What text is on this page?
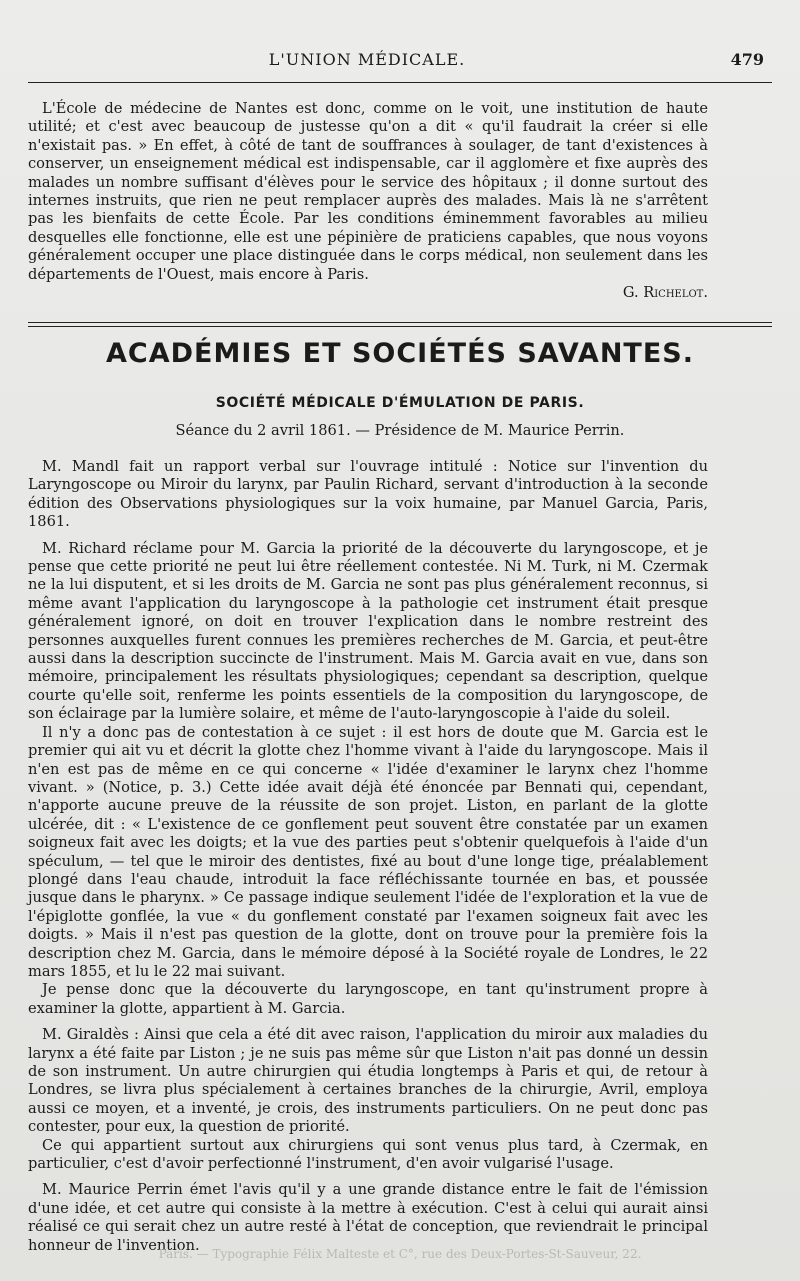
L'UNION MÉDICALE.	479

L'École de médecine de Nantes est donc, comme on le voit, une institution de haute utilité; et c'est avec beaucoup de justesse qu'on a dit « qu'il faudrait la créer si elle n'existait pas. » En effet, à côté de tant de souffrances à soulager, de tant d'existences à conserver, un enseignement médical est indispensable, car il agglomère et fixe auprès des malades un nombre suffisant d'élèves pour le service des hôpitaux ; il donne surtout des internes instruits, que rien ne peut remplacer auprès des malades. Mais là ne s'arrêtent pas les bienfaits de cette École. Par les conditions éminemment favorables au milieu desquelles elle fonctionne, elle est une pépinière de praticiens capables, que nous voyons généralement occuper une place distinguée dans le corps médical, non seulement dans les départements de l'Ouest, mais encore à Paris.

G. Richelot.
ACADÉMIES ET SOCIÉTÉS SAVANTES.
SOCIÉTÉ MÉDICALE D'ÉMULATION DE PARIS.
Séance du 2 avril 1861. — Présidence de M. Maurice Perrin.

M. Mandl fait un rapport verbal sur l'ouvrage intitulé : Notice sur l'invention du Laryngoscope ou Miroir du larynx, par Paulin Richard, servant d'introduction à la seconde édition des Observations physiologiques sur la voix humaine, par Manuel Garcia, Paris, 1861.

M. Richard réclame pour M. Garcia la priorité de la découverte du laryngoscope, et je pense que cette priorité ne peut lui être réellement contestée. Ni M. Turk, ni M. Czermak ne la lui disputent, et si les droits de M. Garcia ne sont pas plus généralement reconnus, si même avant l'application du laryngoscope à la pathologie cet instrument était presque généralement ignoré, on doit en trouver l'explication dans le nombre restreint des personnes auxquelles furent connues les premières recherches de M. Garcia, et peut-être aussi dans la description succincte de l'instrument. Mais M. Garcia avait en vue, dans son mémoire, principalement les résultats physiologiques; cependant sa description, quelque courte qu'elle soit, renferme les points essentiels de la composition du laryngoscope, de son éclairage par la lumière solaire, et même de l'auto-laryngoscopie à l'aide du soleil.

Il n'y a donc pas de contestation à ce sujet : il est hors de doute que M. Garcia est le premier qui ait vu et décrit la glotte chez l'homme vivant à l'aide du laryngoscope. Mais il n'en est pas de même en ce qui concerne « l'idée d'examiner le larynx chez l'homme vivant. » (Notice, p. 3.) Cette idée avait déjà été énoncée par Bennati qui, cependant, n'apporte aucune preuve de la réussite de son projet. Liston, en parlant de la glotte ulcérée, dit : « L'existence de ce gonflement peut souvent être constatée par un examen soigneux fait avec les doigts; et la vue des parties peut s'obtenir quelquefois à l'aide d'un spéculum, — tel que le miroir des dentistes, fixé au bout d'une longe tige, préalablement plongé dans l'eau chaude, introduit la face réfléchissante tournée en bas, et poussée jusque dans le pharynx. » Ce passage indique seulement l'idée de l'exploration et la vue de l'épiglotte gonflée, la vue « du gonflement constaté par l'examen soigneux fait avec les doigts. » Mais il n'est pas question de la glotte, dont on trouve pour la première fois la description chez M. Garcia, dans le mémoire déposé à la Société royale de Londres, le 22 mars 1855, et lu le 22 mai suivant.

Je pense donc que la découverte du laryngoscope, en tant qu'instrument propre à examiner la glotte, appartient à M. Garcia.

M. Giraldès : Ainsi que cela a été dit avec raison, l'application du miroir aux maladies du larynx a été faite par Liston ; je ne suis pas même sûr que Liston n'ait pas donné un dessin de son instrument. Un autre chirurgien qui étudia longtemps à Paris et qui, de retour à Londres, se livra plus spécialement à certaines branches de la chirurgie, Avril, employa aussi ce moyen, et a inventé, je crois, des instruments particuliers. On ne peut donc pas contester, pour eux, la question de priorité.

Ce qui appartient surtout aux chirurgiens qui sont venus plus tard, à Czermak, en particulier, c'est d'avoir perfectionné l'instrument, d'en avoir vulgarisé l'usage.

M. Maurice Perrin émet l'avis qu'il y a une grande distance entre le fait de l'émission d'une idée, et cet autre qui consiste à la mettre à exécution. C'est à celui qui aurait ainsi réalisé ce qui serait chez un autre resté à l'état de conception, que reviendrait le principal honneur de l'invention.

Paris. — Typographie Félix Malteste et C°, rue des Deux-Portes-St-Sauveur, 22.
